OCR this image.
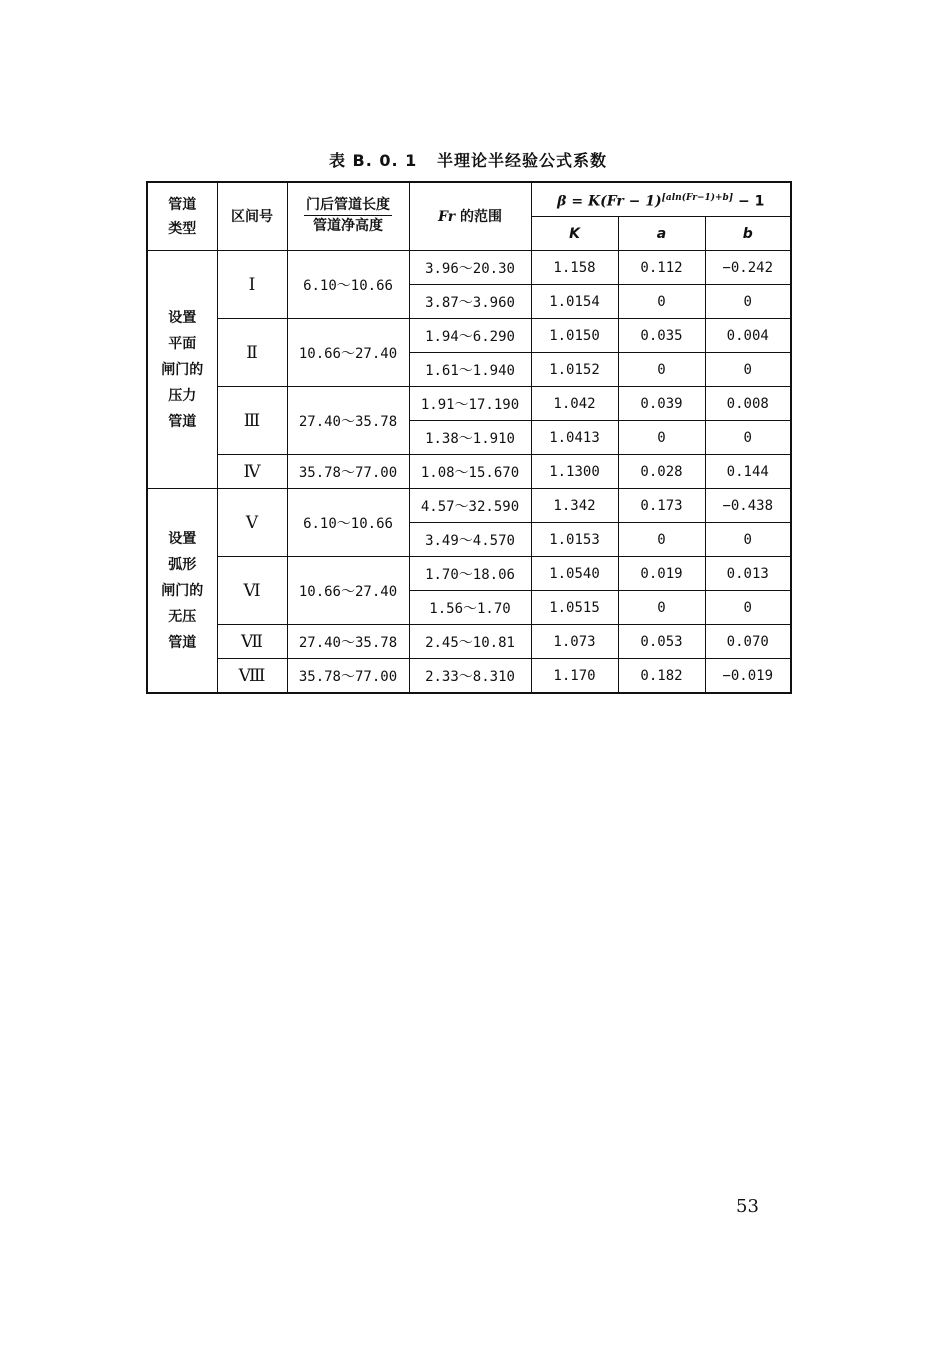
表 B. 0. 1   半理论半经验公式系数
管道
类型	区间号	$\frac{\text{门后管道长度}}{\text{管道净高度}}$	Fr 的范围	β = K(Fr − 1)[aln(Fr−1)+b] − 1		
				K	a	b

设置
平面
闸门的
压力
管道	Ⅰ	6.10～10.66	3.96～20.30	1.158	0.112	−0.242
			3.87～3.960	1.0154	0	0
	Ⅱ	10.66～27.40	1.94～6.290	1.0150	0.035	0.004
			1.61～1.940	1.0152	0	0
	Ⅲ	27.40～35.78	1.91～17.190	1.042	0.039	0.008
			1.38～1.910	1.0413	0	0
	Ⅳ	35.78～77.00	1.08～15.670	1.1300	0.028	0.144

设置
弧形
闸门的
无压
管道	Ⅴ	6.10～10.66	4.57～32.590	1.342	0.173	−0.438
			3.49～4.570	1.0153	0	0
	Ⅵ	10.66～27.40	1.70～18.06	1.0540	0.019	0.013
			1.56～1.70	1.0515	0	0
	Ⅶ	27.40～35.78	2.45～10.81	1.073	0.053	0.070
	Ⅷ	35.78～77.00	2.33～8.310	1.170	0.182	−0.019
53
